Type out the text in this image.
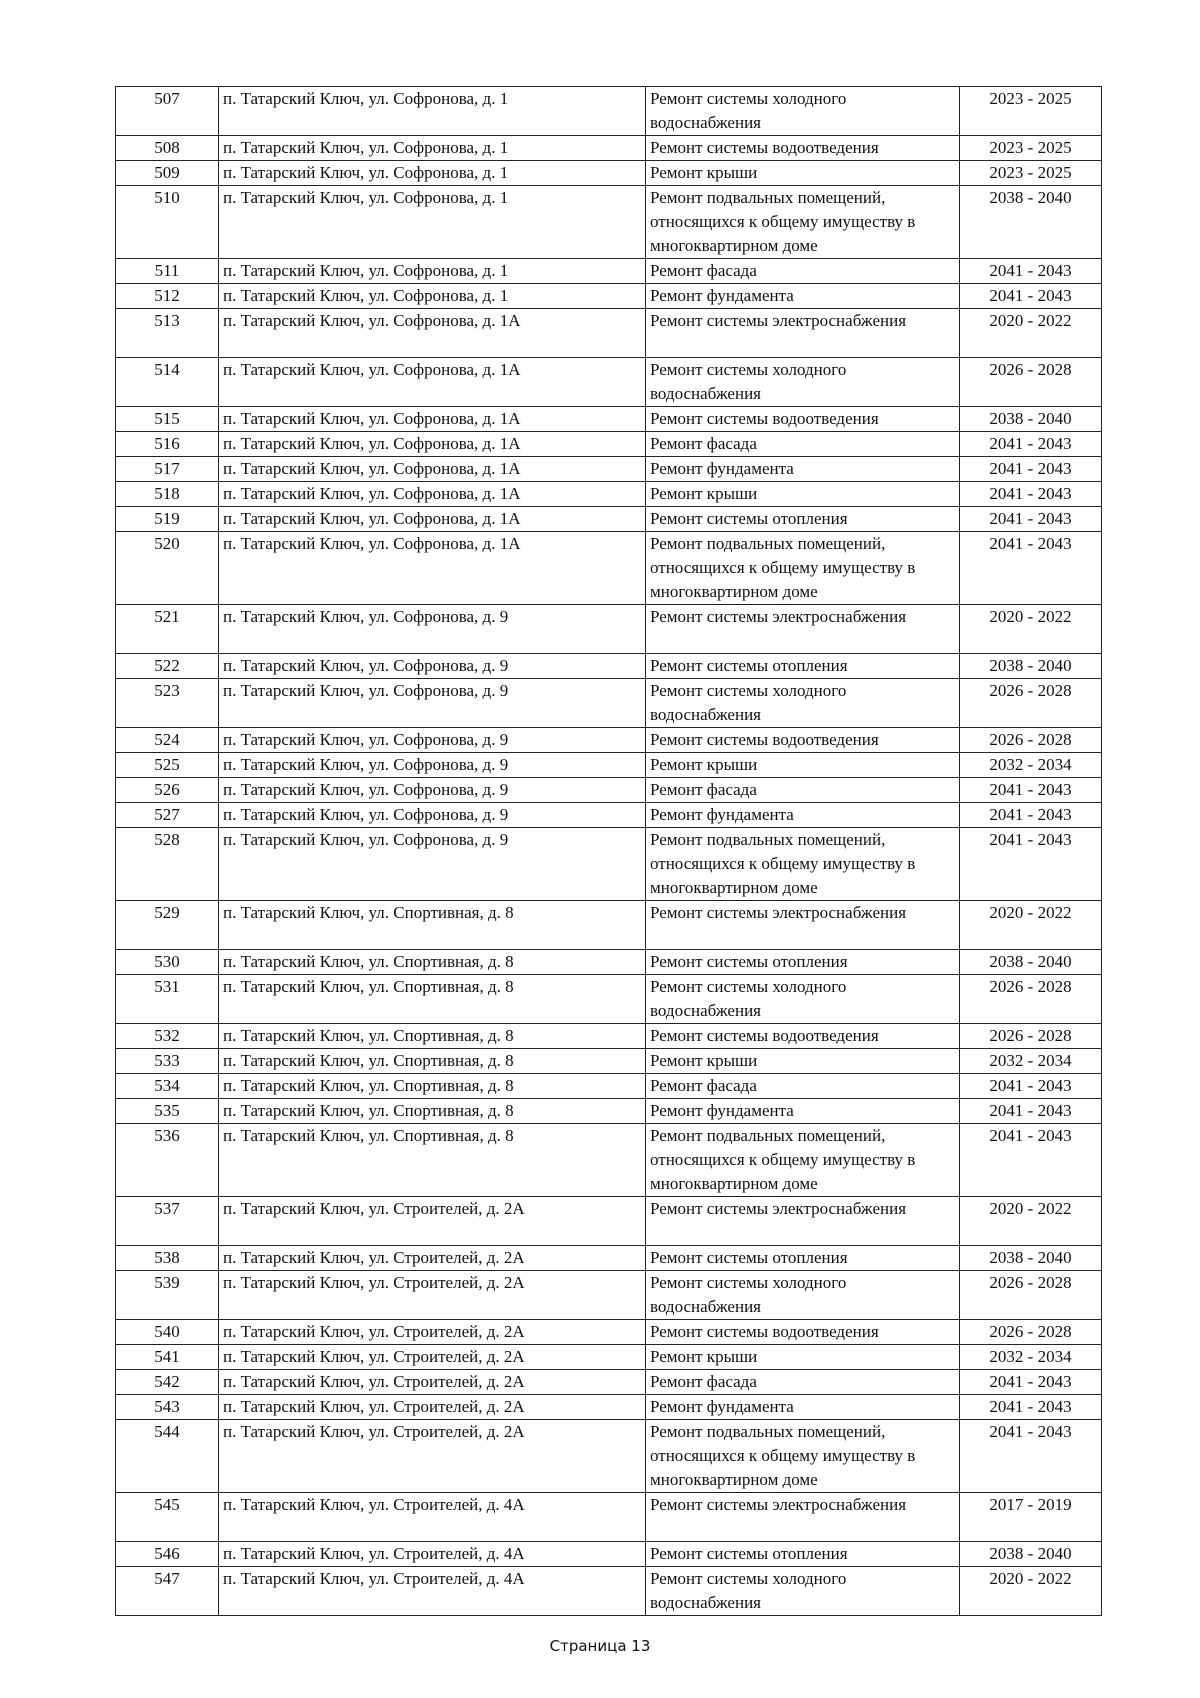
507	п. Татарский Ключ, ул. Софронова, д. 1	Ремонт системы холодного водоснабжения	2023 - 2025
508	п. Татарский Ключ, ул. Софронова, д. 1	Ремонт системы водоотведения	2023 - 2025
509	п. Татарский Ключ, ул. Софронова, д. 1	Ремонт крыши	2023 - 2025
510	п. Татарский Ключ, ул. Софронова, д. 1	Ремонт подвальных помещений, относящихся к общему имуществу в многоквартирном доме	2038 - 2040
511	п. Татарский Ключ, ул. Софронова, д. 1	Ремонт фасада	2041 - 2043
512	п. Татарский Ключ, ул. Софронова, д. 1	Ремонт фундамента	2041 - 2043
513	п. Татарский Ключ, ул. Софронова, д. 1А	Ремонт системы электроснабжения	2020 - 2022
514	п. Татарский Ключ, ул. Софронова, д. 1А	Ремонт системы холодного водоснабжения	2026 - 2028
515	п. Татарский Ключ, ул. Софронова, д. 1А	Ремонт системы водоотведения	2038 - 2040
516	п. Татарский Ключ, ул. Софронова, д. 1А	Ремонт фасада	2041 - 2043
517	п. Татарский Ключ, ул. Софронова, д. 1А	Ремонт фундамента	2041 - 2043
518	п. Татарский Ключ, ул. Софронова, д. 1А	Ремонт крыши	2041 - 2043
519	п. Татарский Ключ, ул. Софронова, д. 1А	Ремонт системы отопления	2041 - 2043
520	п. Татарский Ключ, ул. Софронова, д. 1А	Ремонт подвальных помещений, относящихся к общему имуществу в многоквартирном доме	2041 - 2043
521	п. Татарский Ключ, ул. Софронова, д. 9	Ремонт системы электроснабжения	2020 - 2022
522	п. Татарский Ключ, ул. Софронова, д. 9	Ремонт системы отопления	2038 - 2040
523	п. Татарский Ключ, ул. Софронова, д. 9	Ремонт системы холодного водоснабжения	2026 - 2028
524	п. Татарский Ключ, ул. Софронова, д. 9	Ремонт системы водоотведения	2026 - 2028
525	п. Татарский Ключ, ул. Софронова, д. 9	Ремонт крыши	2032 - 2034
526	п. Татарский Ключ, ул. Софронова, д. 9	Ремонт фасада	2041 - 2043
527	п. Татарский Ключ, ул. Софронова, д. 9	Ремонт фундамента	2041 - 2043
528	п. Татарский Ключ, ул. Софронова, д. 9	Ремонт подвальных помещений, относящихся к общему имуществу в многоквартирном доме	2041 - 2043
529	п. Татарский Ключ, ул. Спортивная, д. 8	Ремонт системы электроснабжения	2020 - 2022
530	п. Татарский Ключ, ул. Спортивная, д. 8	Ремонт системы отопления	2038 - 2040
531	п. Татарский Ключ, ул. Спортивная, д. 8	Ремонт системы холодного водоснабжения	2026 - 2028
532	п. Татарский Ключ, ул. Спортивная, д. 8	Ремонт системы водоотведения	2026 - 2028
533	п. Татарский Ключ, ул. Спортивная, д. 8	Ремонт крыши	2032 - 2034
534	п. Татарский Ключ, ул. Спортивная, д. 8	Ремонт фасада	2041 - 2043
535	п. Татарский Ключ, ул. Спортивная, д. 8	Ремонт фундамента	2041 - 2043
536	п. Татарский Ключ, ул. Спортивная, д. 8	Ремонт подвальных помещений, относящихся к общему имуществу в многоквартирном доме	2041 - 2043
537	п. Татарский Ключ, ул. Строителей, д. 2А	Ремонт системы электроснабжения	2020 - 2022
538	п. Татарский Ключ, ул. Строителей, д. 2А	Ремонт системы отопления	2038 - 2040
539	п. Татарский Ключ, ул. Строителей, д. 2А	Ремонт системы холодного водоснабжения	2026 - 2028
540	п. Татарский Ключ, ул. Строителей, д. 2А	Ремонт системы водоотведения	2026 - 2028
541	п. Татарский Ключ, ул. Строителей, д. 2А	Ремонт крыши	2032 - 2034
542	п. Татарский Ключ, ул. Строителей, д. 2А	Ремонт фасада	2041 - 2043
543	п. Татарский Ключ, ул. Строителей, д. 2А	Ремонт фундамента	2041 - 2043
544	п. Татарский Ключ, ул. Строителей, д. 2А	Ремонт подвальных помещений, относящихся к общему имуществу в многоквартирном доме	2041 - 2043
545	п. Татарский Ключ, ул. Строителей, д. 4А	Ремонт системы электроснабжения	2017 - 2019
546	п. Татарский Ключ, ул. Строителей, д. 4А	Ремонт системы отопления	2038 - 2040
547	п. Татарский Ключ, ул. Строителей, д. 4А	Ремонт системы холодного водоснабжения	2020 - 2022
Страница 13
